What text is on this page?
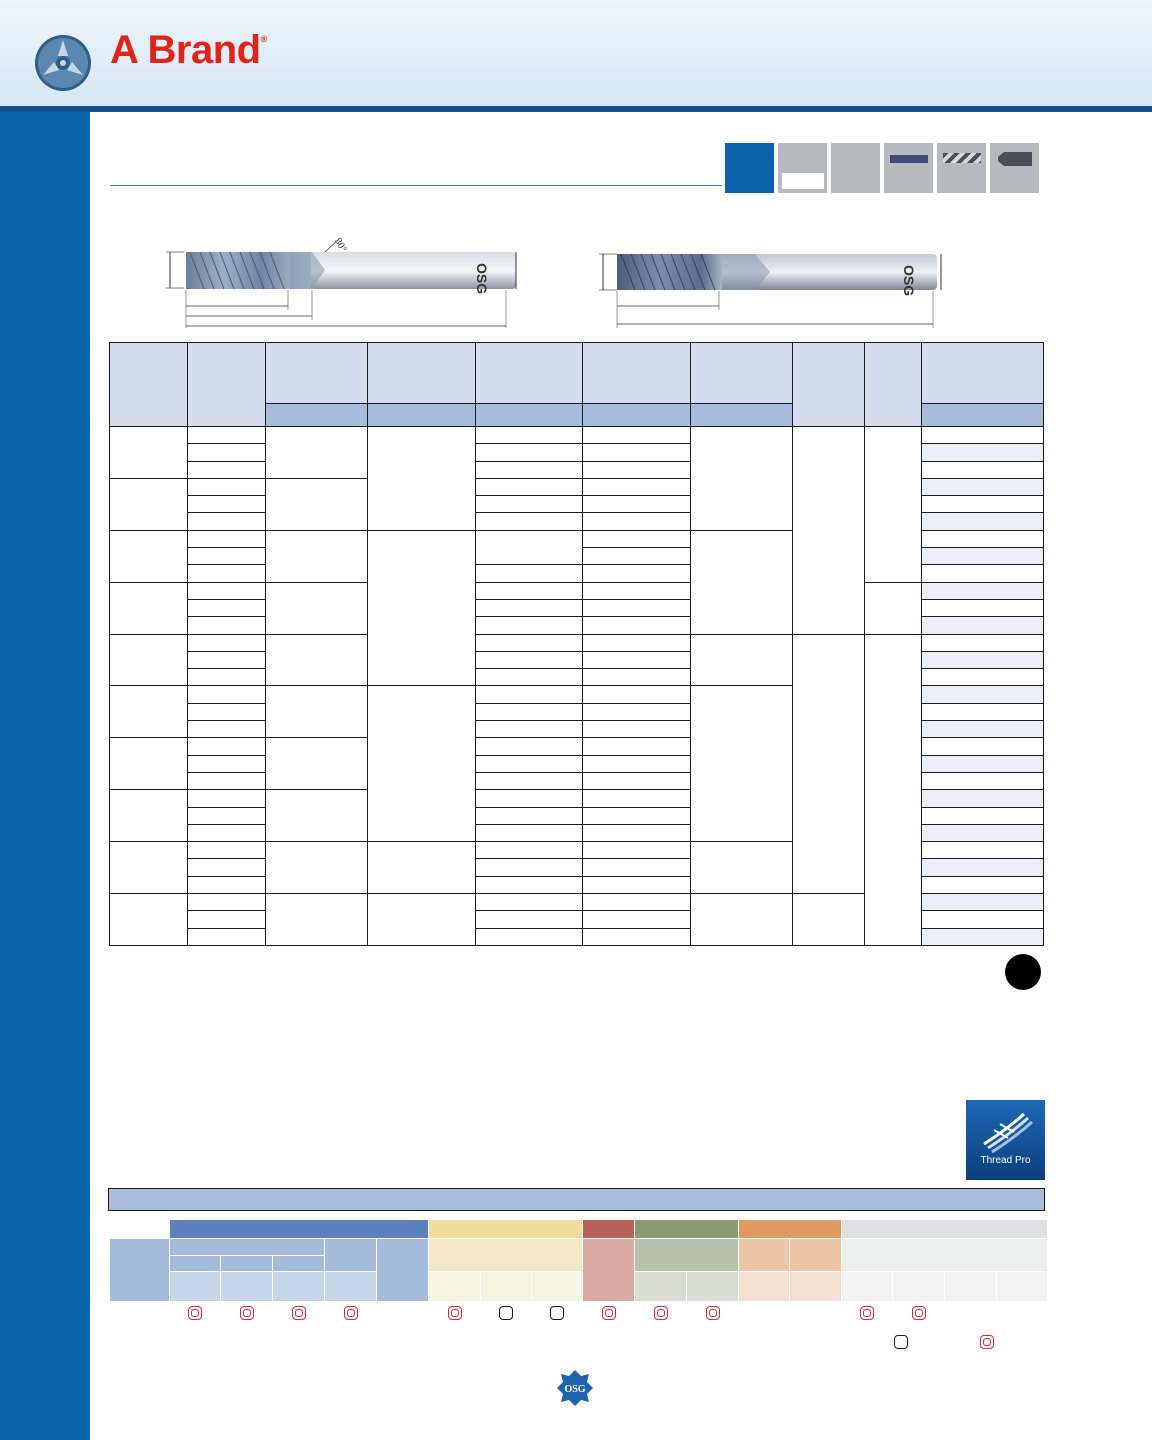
A Brand®
30°
OSG	OSG

Thread Pro

OSG
